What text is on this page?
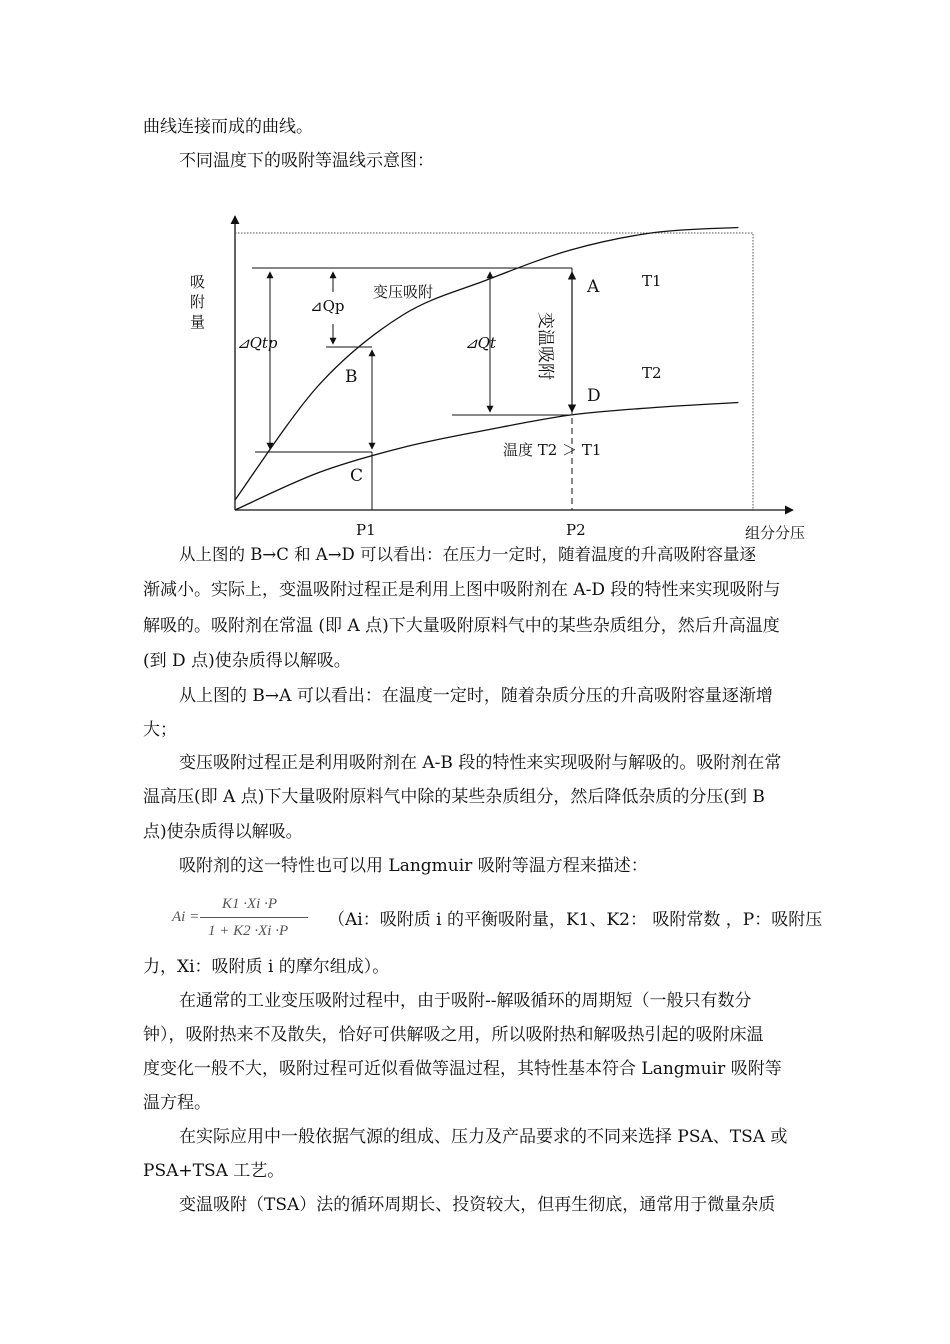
曲线连接而成的曲线。
不同温度下的吸附等温线示意图：
从上图的 B→C 和 A→D 可以看出：在压力一定时，随着温度的升高吸附容量逐
渐减小。实际上，变温吸附过程正是利用上图中吸附剂在 A-D 段的特性来实现吸附与
解吸的。吸附剂在常温 (即 A 点)下大量吸附原料气中的某些杂质组分，然后升高温度
(到 D 点)使杂质得以解吸。
从上图的 B→A 可以看出：在温度一定时，随着杂质分压的升高吸附容量逐渐增
大；
变压吸附过程正是利用吸附剂在 A-B 段的特性来实现吸附与解吸的。吸附剂在常
温高压(即 A 点)下大量吸附原料气中除的某些杂质组分，然后降低杂质的分压(到 B
点)使杂质得以解吸。
吸附剂的这一特性也可以用 Langmuir 吸附等温方程来描述：
Ai =
K1 ·Xi ·P
1 + K2 ·Xi ·P
（Ai：吸附质 i 的平衡吸附量，K1、K2： 吸附常数 ，P：吸附压
力，Xi：吸附质 i 的摩尔组成）。
在通常的工业变压吸附过程中，由于吸附--解吸循环的周期短（一般只有数分
钟），吸附热来不及散失，恰好可供解吸之用，所以吸附热和解吸热引起的吸附床温
度变化一般不大，吸附过程可近似看做等温过程，其特性基本符合 Langmuir 吸附等
温方程。
在实际应用中一般依据气源的组成、压力及产品要求的不同来选择 PSA、TSA 或
PSA+TSA 工艺。
变温吸附（TSA）法的循环周期长、投资较大，但再生彻底，通常用于微量杂质
吸
附
量
组分分压
P1	P2
A
B
C
D
T1
T2
变压吸附
变温吸附
⊿Qp
⊿Qtp	⊿Qt
温度 T2 ＞ T1
